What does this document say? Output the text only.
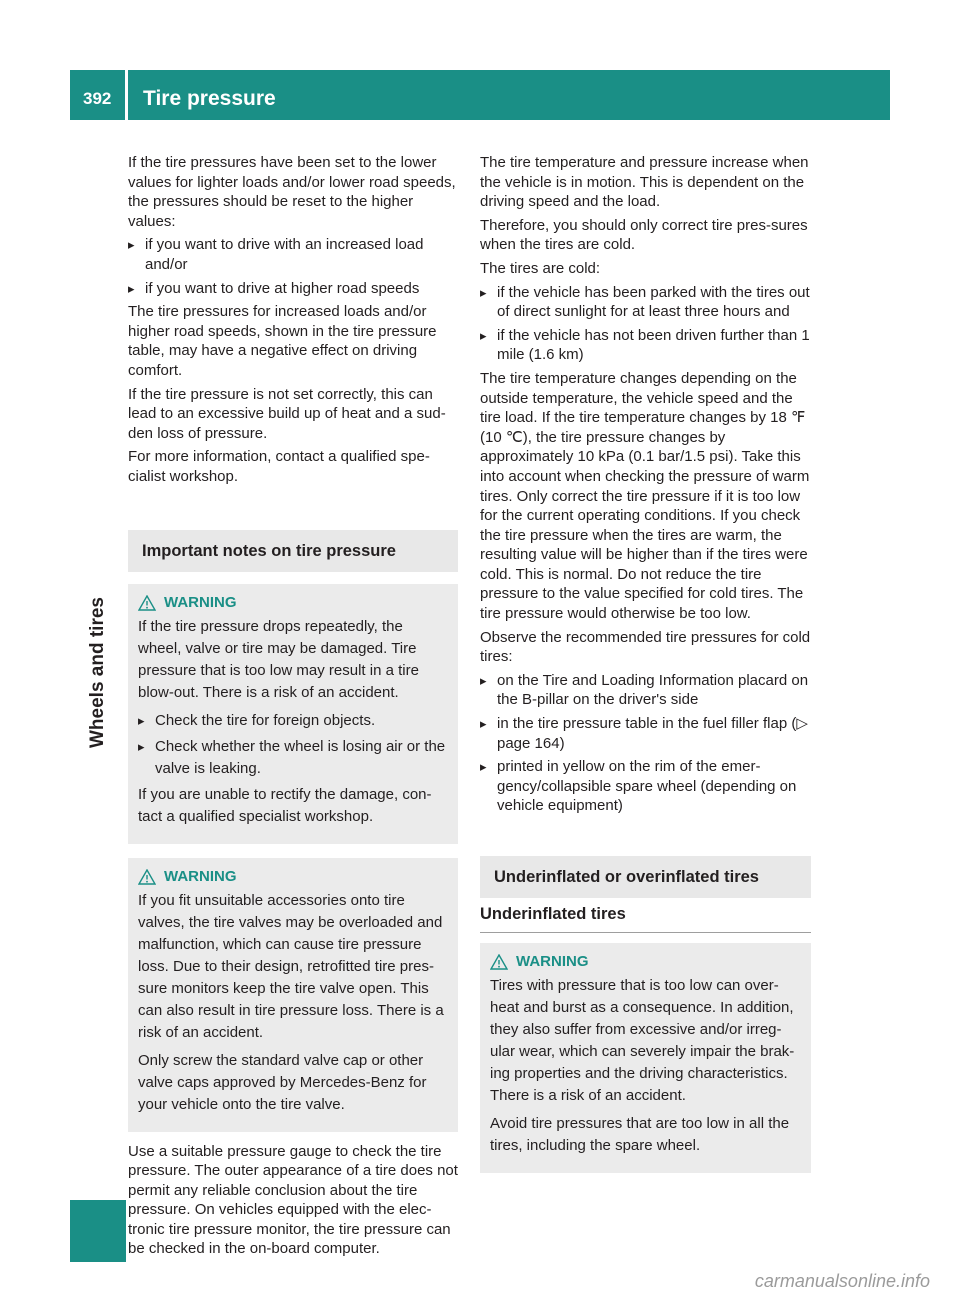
392 Tire pressure
Wheels and tires

If the tire pressures have been set to the lower values for lighter loads and/or lower road speeds, the pressures should be reset to the higher values:

▸ if you want to drive with an increased load and/or
▸ if you want to drive at higher road speeds

The tire pressures for increased loads and/or higher road speeds, shown in the tire pressure table, may have a negative effect on driving comfort.

If the tire pressure is not set correctly, this can lead to an excessive build up of heat and a sud-den loss of pressure.

For more information, contact a qualified spe-cialist workshop.

Important notes on tire pressure
WARNING

If the tire pressure drops repeatedly, the wheel, valve or tire may be damaged. Tire pressure that is too low may result in a tire blow-out. There is a risk of an accident.

▸ Check the tire for foreign objects.
▸ Check whether the wheel is losing air or the valve is leaking.

If you are unable to rectify the damage, con-tact a qualified specialist workshop.

WARNING

If you fit unsuitable accessories onto tire valves, the tire valves may be overloaded and malfunction, which can cause tire pressure loss. Due to their design, retrofitted tire pres-sure monitors keep the tire valve open. This can also result in tire pressure loss. There is a risk of an accident.

Only screw the standard valve cap or other valve caps approved by Mercedes-Benz for your vehicle onto the tire valve.

Use a suitable pressure gauge to check the tire pressure. The outer appearance of a tire does not permit any reliable conclusion about the tire pressure. On vehicles equipped with the elec-tronic tire pressure monitor, the tire pressure can be checked in the on-board computer.

The tire temperature and pressure increase when the vehicle is in motion. This is dependent on the driving speed and the load.

Therefore, you should only correct tire pres-sures when the tires are cold.

The tires are cold:

▸ if the vehicle has been parked with the tires out of direct sunlight for at least three hours and
▸ if the vehicle has not been driven further than 1 mile (1.6 km)

The tire temperature changes depending on the outside temperature, the vehicle speed and the tire load. If the tire temperature changes by 18 ℉ (10 ℃), the tire pressure changes by approximately 10 kPa (0.1 bar/1.5 psi). Take this into account when checking the pressure of warm tires. Only correct the tire pressure if it is too low for the current operating conditions. If you check the tire pressure when the tires are warm, the resulting value will be higher than if the tires were cold. This is normal. Do not reduce the tire pressure to the value specified for cold tires. The tire pressure would otherwise be too low.

Observe the recommended tire pressures for cold tires:

▸ on the Tire and Loading Information placard on the B-pillar on the driver's side
▸ in the tire pressure table in the fuel filler flap (▷ page 164)
▸ printed in yellow on the rim of the emer-gency/collapsible spare wheel (depending on vehicle equipment)
Underinflated or overinflated tires
Underinflated tires
WARNING

Tires with pressure that is too low can over-heat and burst as a consequence. In addition, they also suffer from excessive and/or irreg-ular wear, which can severely impair the brak-ing properties and the driving characteristics. There is a risk of an accident.

Avoid tire pressures that are too low in all the tires, including the spare wheel.

carmanualsonline.info
